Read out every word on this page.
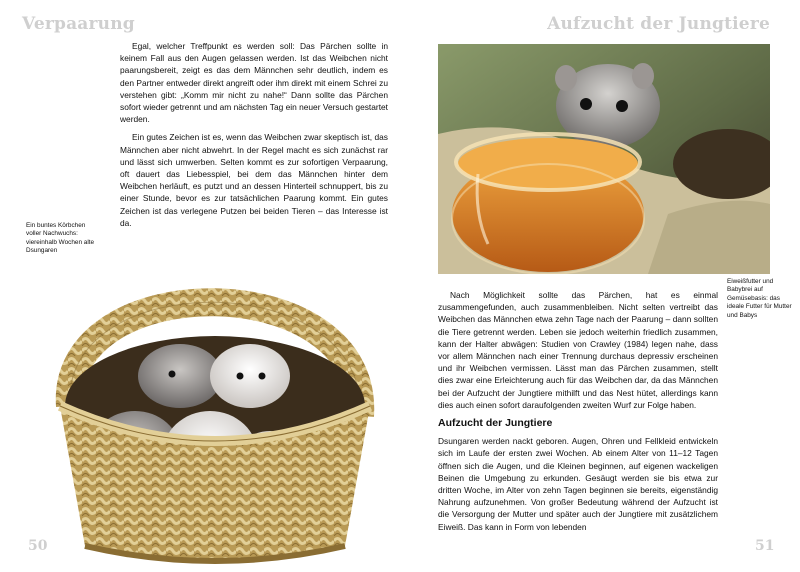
Verpaarung	Aufzucht der Jungtiere

Egal, welcher Treffpunkt es werden soll: Das Pärchen sollte in keinem Fall aus den Augen gelassen werden. Ist das Weibchen nicht paarungsbereit, zeigt es das dem Männchen sehr deutlich, indem es den Partner entweder direkt angreift oder ihm direkt mit einem Schrei zu verstehen gibt: „Komm mir nicht zu nahe!“ Dann sollte das Pärchen sofort wieder getrennt und am nächsten Tag ein neuer Versuch gestartet werden.

Ein gutes Zeichen ist es, wenn das Weibchen zwar skeptisch ist, das Männchen aber nicht abwehrt. In der Regel macht es sich zunächst rar und lässt sich umwerben. Selten kommt es zur sofortigen Verpaarung, oft dauert das Liebesspiel, bei dem das Männchen hinter dem Weibchen herläuft, es putzt und an dessen Hinterteil schnuppert, bis zu einer Stunde, bevor es zur tatsächlichen Paarung kommt. Ein gutes Zeichen ist das verlegene Putzen bei beiden Tieren – das Interesse ist da.

Ein buntes Körbchen voller Nachwuchs: viereinhalb Wochen alte Dsungaren
Eiweißfutter und Babybrei auf Gemüsebasis: das ideale Futter für Mutter und Babys

Nach Möglichkeit sollte das Pärchen, hat es einmal zusammengefunden, auch zusammenbleiben. Nicht selten vertreibt das Weibchen das Männchen etwa zehn Tage nach der Paarung – dann sollten die Tiere getrennt werden. Leben sie jedoch weiterhin friedlich zusammen, kann der Halter abwägen: Studien von Crawley (1984) legen nahe, dass vor allem Männchen nach einer Trennung durchaus depressiv erscheinen und ihr Weibchen vermissen. Lässt man das Pärchen zusammen, stellt dies zwar eine Erleichterung auch für das Weibchen dar, da das Männchen bei der Aufzucht der Jungtiere mithilft und das Nest hütet, allerdings kann dies auch einen sofort daraufolgenden zweiten Wurf zur Folge haben.

Aufzucht der Jungtiere

Dsungaren werden nackt geboren. Augen, Ohren und Fellkleid entwickeln sich im Laufe der ersten zwei Wochen. Ab einem Alter von 11–12 Tagen öffnen sich die Augen, und die Kleinen beginnen, auf eigenen wackeligen Beinen die Umgebung zu erkunden. Gesäugt werden sie bis etwa zur dritten Woche, im Alter von zehn Tagen beginnen sie bereits, eigenständig Nahrung aufzunehmen. Von großer Bedeutung während der Aufzucht ist die Versorgung der Mutter und später auch der Jungtiere mit zusätzlichem Eiweiß. Das kann in Form von lebenden

50	51
